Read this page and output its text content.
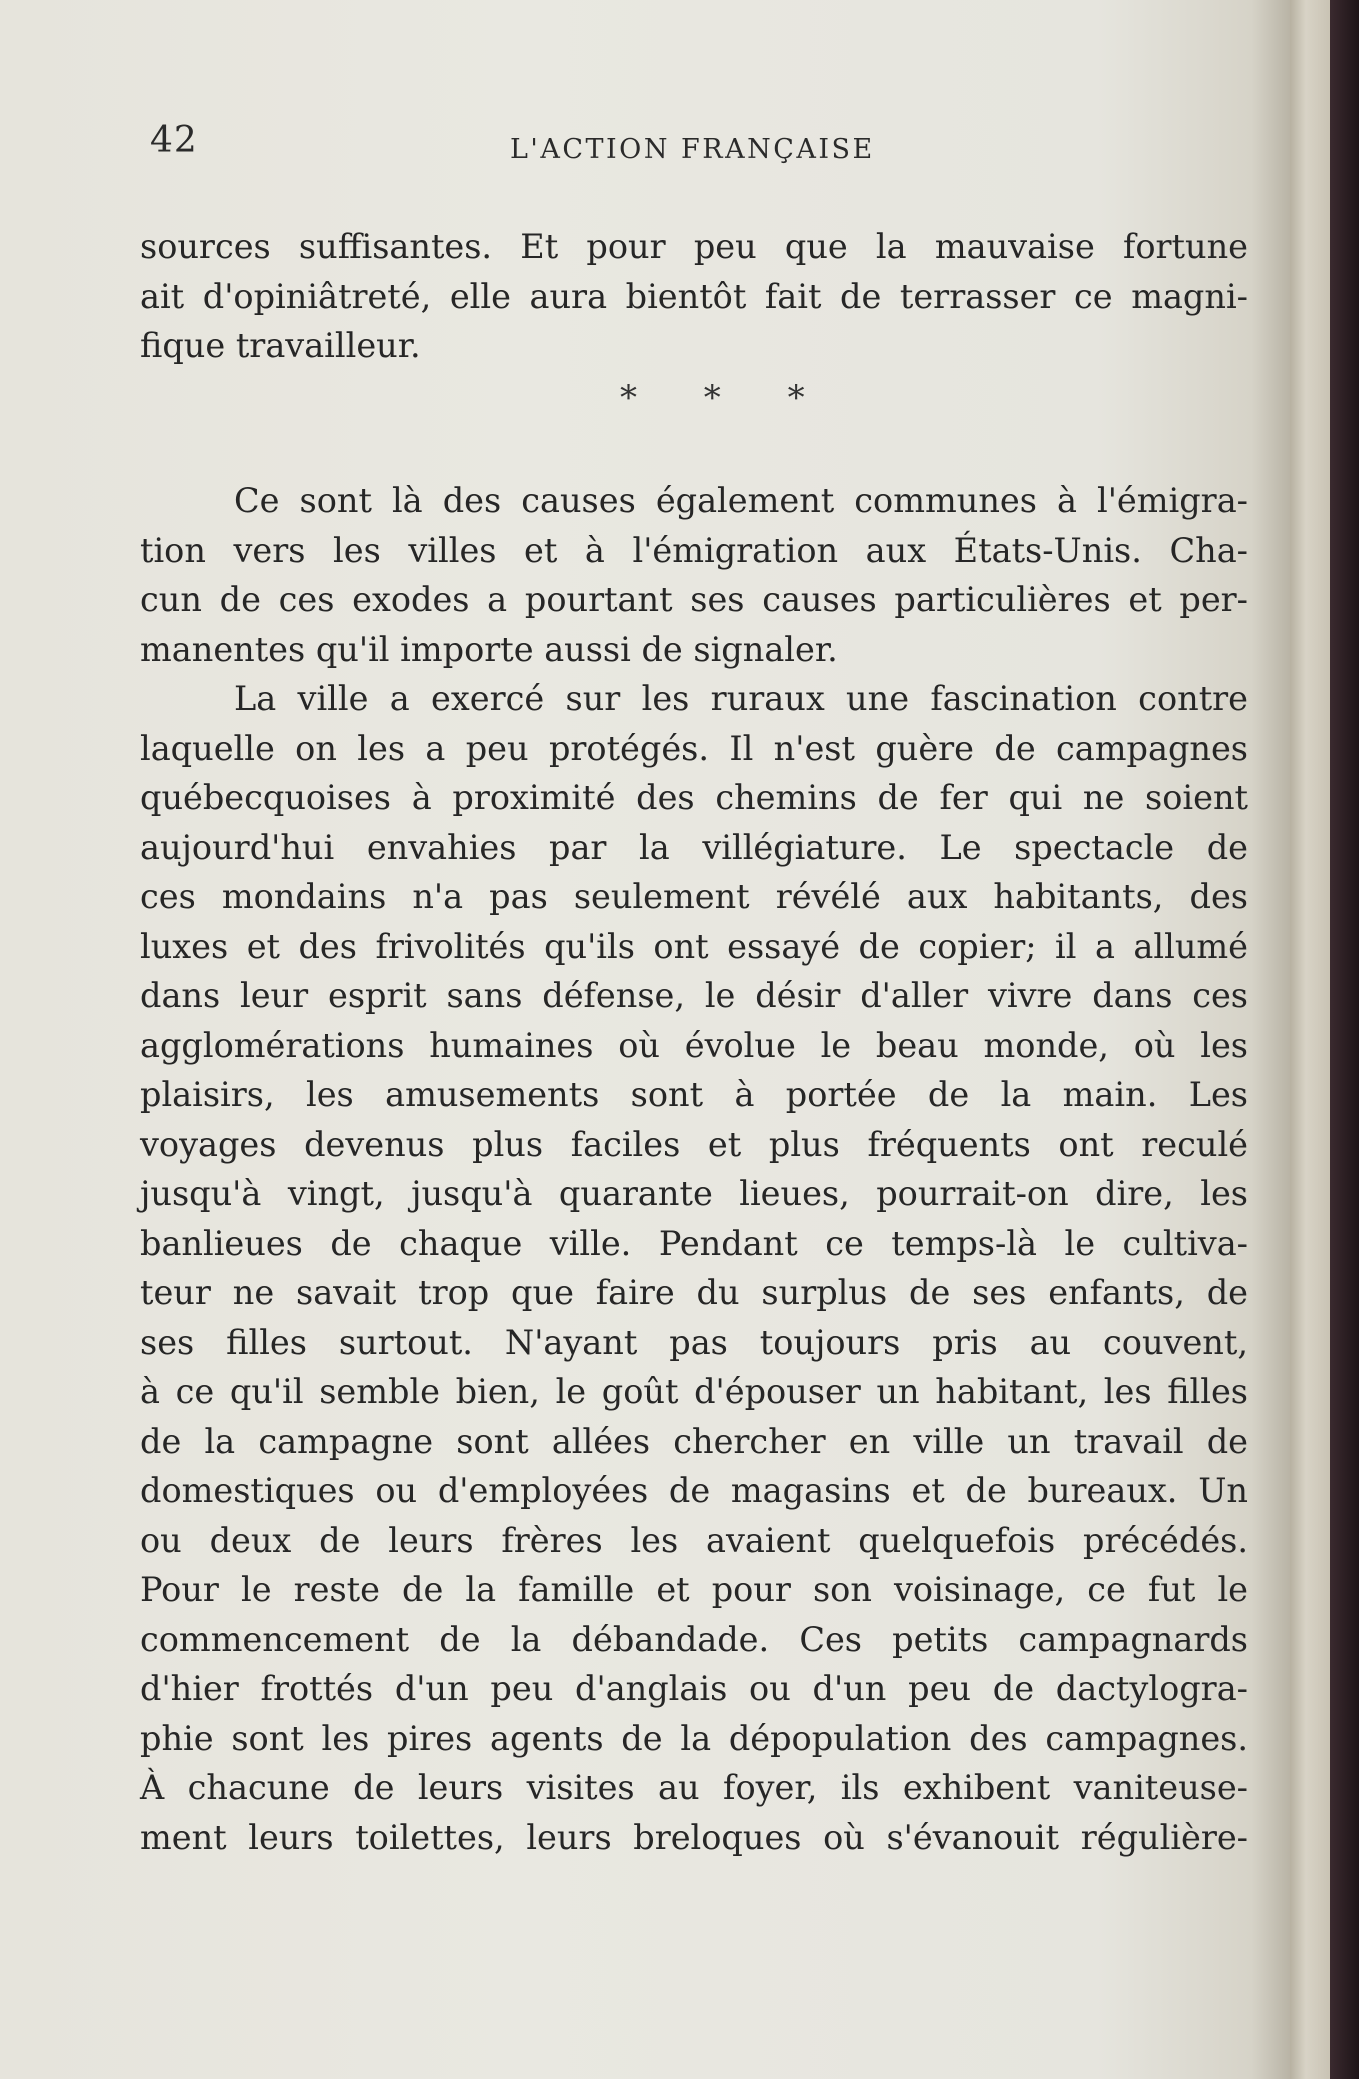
42	L'ACTION FRANÇAISE
sources suffisantes. Et pour peu que la mauvaise fortune
ait d'opiniâtreté, elle aura bientôt fait de terrasser ce magni-
fique travailleur.
* * *
Ce sont là des causes également communes à l'émigra-
tion vers les villes et à l'émigration aux États-Unis. Cha-
cun de ces exodes a pourtant ses causes particulières et per-
manentes qu'il importe aussi de signaler.
La ville a exercé sur les ruraux une fascination contre
laquelle on les a peu protégés. Il n'est guère de campagnes
québecquoises à proximité des chemins de fer qui ne soient
aujourd'hui envahies par la villégiature. Le spectacle de
ces mondains n'a pas seulement révélé aux habitants, des
luxes et des frivolités qu'ils ont essayé de copier; il a allumé
dans leur esprit sans défense, le désir d'aller vivre dans ces
agglomérations humaines où évolue le beau monde, où les
plaisirs, les amusements sont à portée de la main. Les
voyages devenus plus faciles et plus fréquents ont reculé
jusqu'à vingt, jusqu'à quarante lieues, pourrait-on dire, les
banlieues de chaque ville. Pendant ce temps-là le cultiva-
teur ne savait trop que faire du surplus de ses enfants, de
ses filles surtout. N'ayant pas toujours pris au couvent,
à ce qu'il semble bien, le goût d'épouser un habitant, les filles
de la campagne sont allées chercher en ville un travail de
domestiques ou d'employées de magasins et de bureaux. Un
ou deux de leurs frères les avaient quelquefois précédés.
Pour le reste de la famille et pour son voisinage, ce fut le
commencement de la débandade. Ces petits campagnards
d'hier frottés d'un peu d'anglais ou d'un peu de dactylogra-
phie sont les pires agents de la dépopulation des campagnes.
À chacune de leurs visites au foyer, ils exhibent vaniteuse-
ment leurs toilettes, leurs breloques où s'évanouit régulière-
